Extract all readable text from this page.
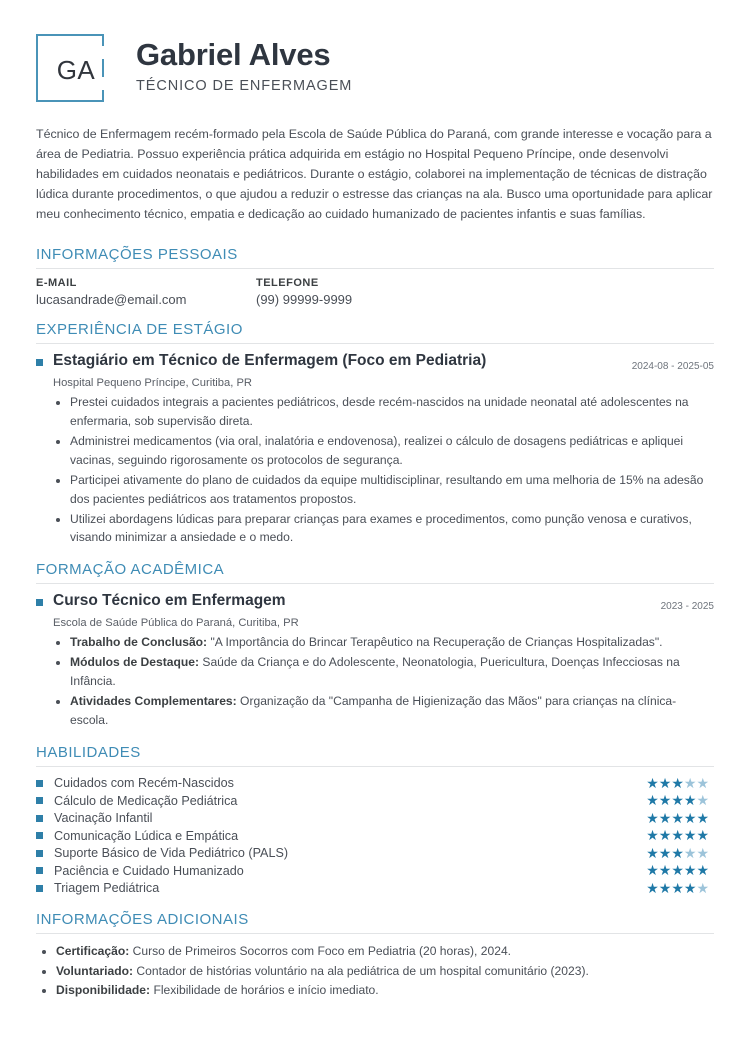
GA Gabriel Alves
TÉCNICO DE ENFERMAGEM
Técnico de Enfermagem recém-formado pela Escola de Saúde Pública do Paraná, com grande interesse e vocação para a área de Pediatria. Possuo experiência prática adquirida em estágio no Hospital Pequeno Príncipe, onde desenvolvi habilidades em cuidados neonatais e pediátricos. Durante o estágio, colaborei na implementação de técnicas de distração lúdica durante procedimentos, o que ajudou a reduzir o estresse das crianças na ala. Busco uma oportunidade para aplicar meu conhecimento técnico, empatia e dedicação ao cuidado humanizado de pacientes infantis e suas famílias.
INFORMAÇÕES PESSOAIS
E-MAIL
lucasandrade@email.com
TELEFONE
(99) 99999-9999
EXPERIÊNCIA DE ESTÁGIO
Estagiário em Técnico de Enfermagem (Foco em Pediatria)	2024-08 - 2025-05
Hospital Pequeno Príncipe, Curitiba, PR
• Prestei cuidados integrais a pacientes pediátricos, desde recém-nascidos na unidade neonatal até adolescentes na enfermaria, sob supervisão direta.
• Administrei medicamentos (via oral, inalatória e endovenosa), realizei o cálculo de dosagens pediátricas e apliquei vacinas, seguindo rigorosamente os protocolos de segurança.
• Participei ativamente do plano de cuidados da equipe multidisciplinar, resultando em uma melhoria de 15% na adesão dos pacientes pediátricos aos tratamentos propostos.
• Utilizei abordagens lúdicas para preparar crianças para exames e procedimentos, como punção venosa e curativos, visando minimizar a ansiedade e o medo.
FORMAÇÃO ACADÊMICA
Curso Técnico em Enfermagem	2023 - 2025
Escola de Saúde Pública do Paraná, Curitiba, PR
• Trabalho de Conclusão: "A Importância do Brincar Terapêutico na Recuperação de Crianças Hospitalizadas".
• Módulos de Destaque: Saúde da Criança e do Adolescente, Neonatologia, Puericultura, Doenças Infecciosas na Infância.
• Atividades Complementares: Organização da "Campanha de Higienização das Mãos" para crianças na clínica-escola.
HABILIDADES
Cuidados com Recém-Nascidos
Cálculo de Medicação Pediátrica
Vacinação Infantil
Comunicação Lúdica e Empática
Suporte Básico de Vida Pediátrico (PALS)
Paciência e Cuidado Humanizado
Triagem Pediátrica
★★★★★
★★★★★
★★★★★
★★★★★
★★★★★
★★★★★
★★★★★
INFORMAÇÕES ADICIONAIS
• Certificação: Curso de Primeiros Socorros com Foco em Pediatria (20 horas), 2024.
• Voluntariado: Contador de histórias voluntário na ala pediátrica de um hospital comunitário (2023).
• Disponibilidade: Flexibilidade de horários e início imediato.
